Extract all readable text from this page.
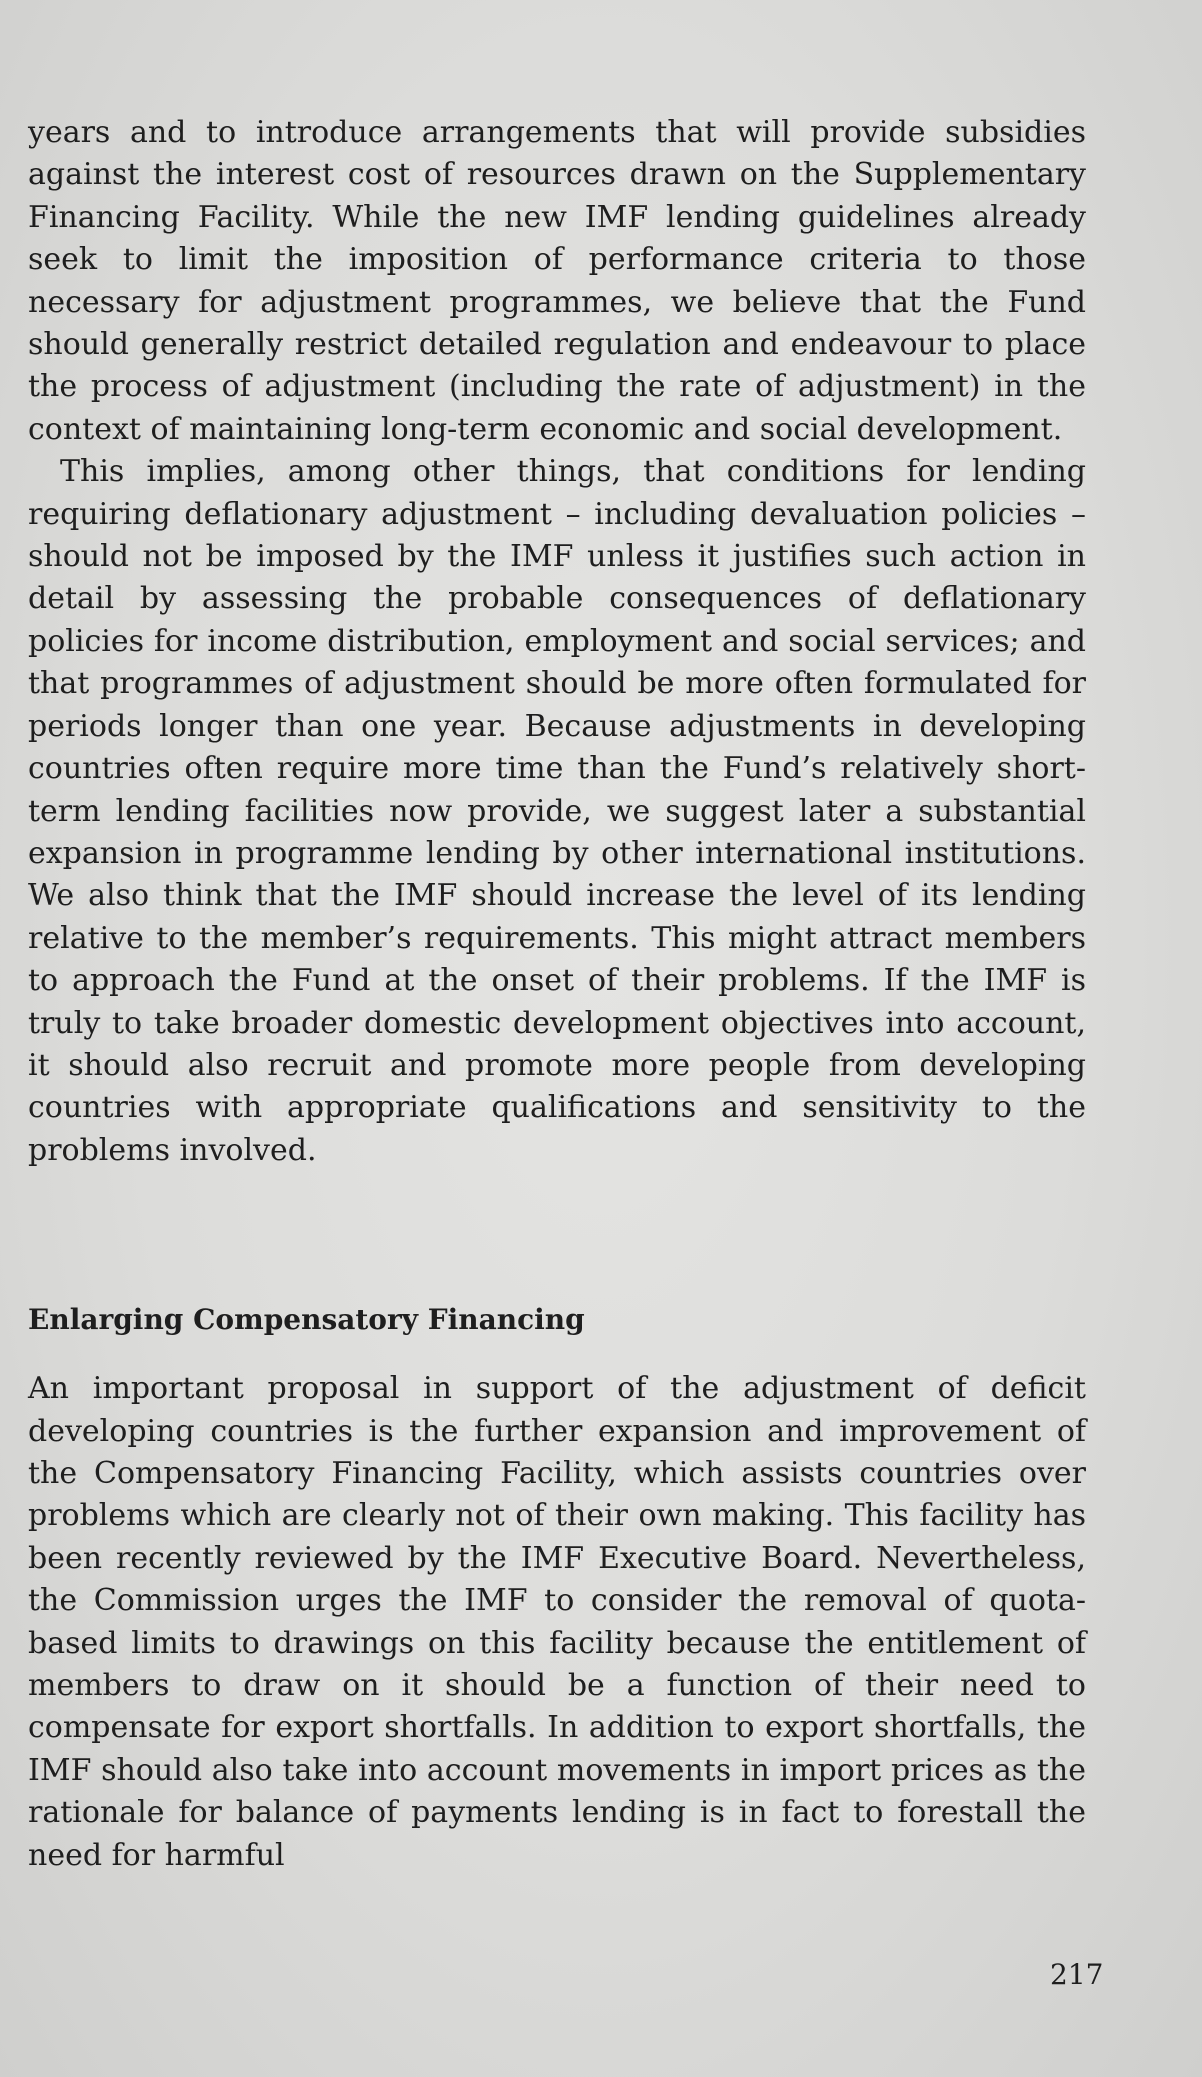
years and to introduce arrangements that will provide subsidies against the interest cost of resources drawn on the Supplementary Financing Facility. While the new IMF lending guidelines already seek to limit the imposition of performance criteria to those necessary for adjustment programmes, we believe that the Fund should generally restrict detailed regulation and endeavour to place the process of adjustment (including the rate of adjustment) in the context of maintaining long-term economic and social development.

This implies, among other things, that conditions for lending requiring deflationary adjustment – including devaluation policies – should not be imposed by the IMF unless it justifies such action in detail by assessing the probable consequences of deflationary policies for income distribution, employment and social services; and that programmes of adjustment should be more often formulated for periods longer than one year. Because adjustments in developing countries often require more time than the Fund’s relatively short-term lending facilities now provide, we suggest later a substantial expansion in programme lending by other international institutions. We also think that the IMF should increase the level of its lending relative to the member’s requirements. This might attract members to approach the Fund at the onset of their problems. If the IMF is truly to take broader domestic development objectives into account, it should also recruit and promote more people from developing countries with appropriate qualifications and sensitivity to the problems involved.

Enlarging Compensatory Financing

An important proposal in support of the adjustment of deficit developing countries is the further expansion and improvement of the Compensatory Financing Facility, which assists countries over problems which are clearly not of their own making. This facility has been recently reviewed by the IMF Executive Board. Nevertheless, the Commission urges the IMF to consider the removal of quota-based limits to drawings on this facility because the entitlement of members to draw on it should be a function of their need to compensate for export shortfalls. In addition to export shortfalls, the IMF should also take into account movements in import prices as the rationale for balance of payments lending is in fact to forestall the need for harmful

217
